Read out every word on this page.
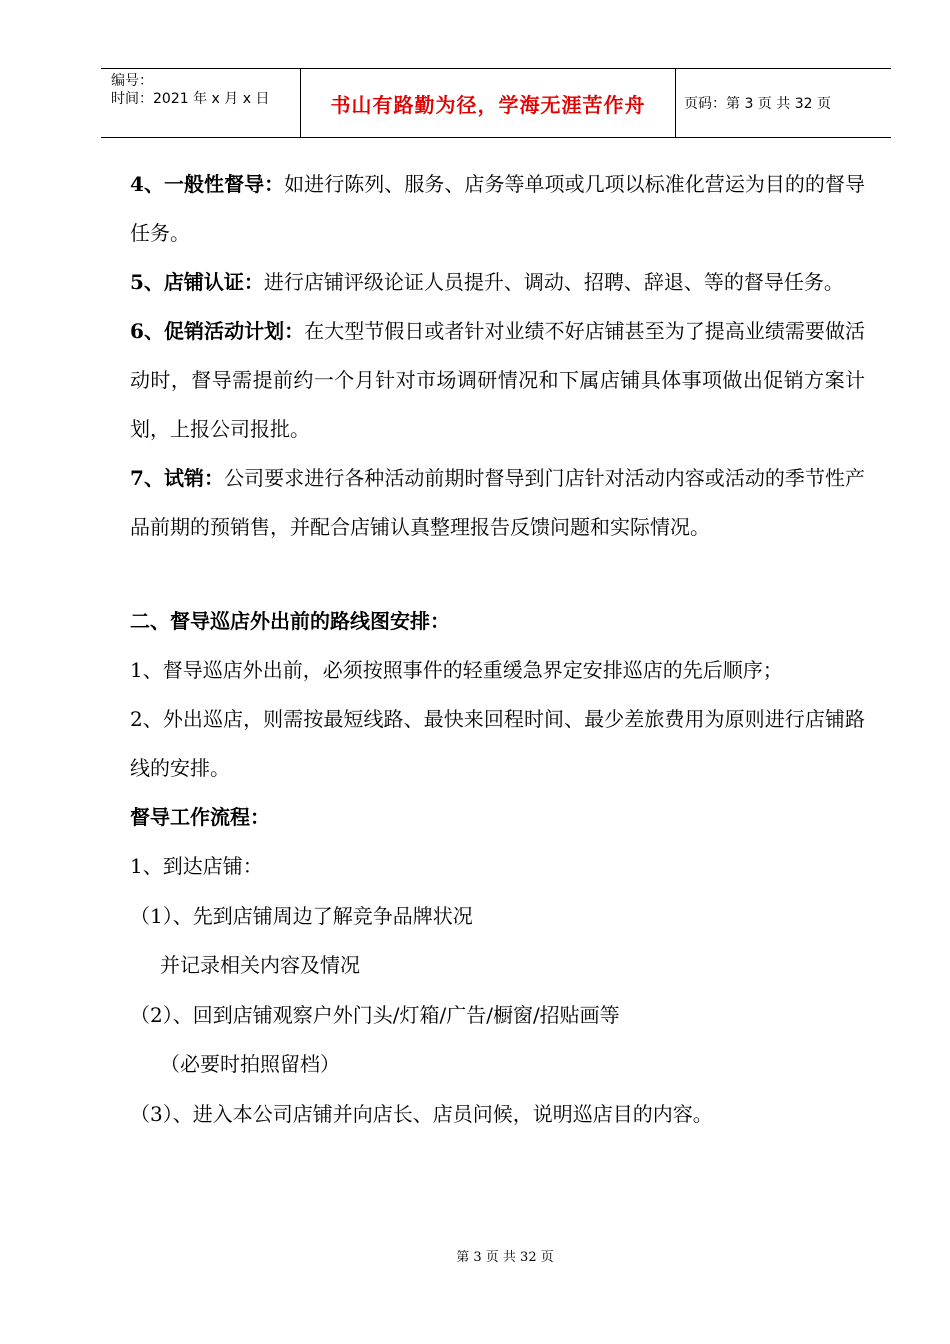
编号：
时间：2021 年 x 月 x 日	书山有路勤为径，学海无涯苦作舟	页码：第 3 页 共 32 页

4、一般性督导：如进行陈列、服务、店务等单项或几项以标准化营运为目的的督导任务。

5、店铺认证：进行店铺评级论证人员提升、调动、招聘、辞退、等的督导任务。

6、促销活动计划：在大型节假日或者针对业绩不好店铺甚至为了提高业绩需要做活动时，督导需提前约一个月针对市场调研情况和下属店铺具体事项做出促销方案计划，上报公司报批。

7、试销：公司要求进行各种活动前期时督导到门店针对活动内容或活动的季节性产品前期的预销售，并配合店铺认真整理报告反馈问题和实际情况。

二、督导巡店外出前的路线图安排：

1、督导巡店外出前，必须按照事件的轻重缓急界定安排巡店的先后顺序；

2、外出巡店，则需按最短线路、最快来回程时间、最少差旅费用为原则进行店铺路线的安排。

督导工作流程：

1、到达店铺：

（1）、先到店铺周边了解竞争品牌状况

并记录相关内容及情况

（2）、回到店铺观察户外门头/灯箱/广告/橱窗/招贴画等

（必要时拍照留档）

（3）、进入本公司店铺并向店长、店员问候，说明巡店目的内容。

第 3 页 共 32 页
